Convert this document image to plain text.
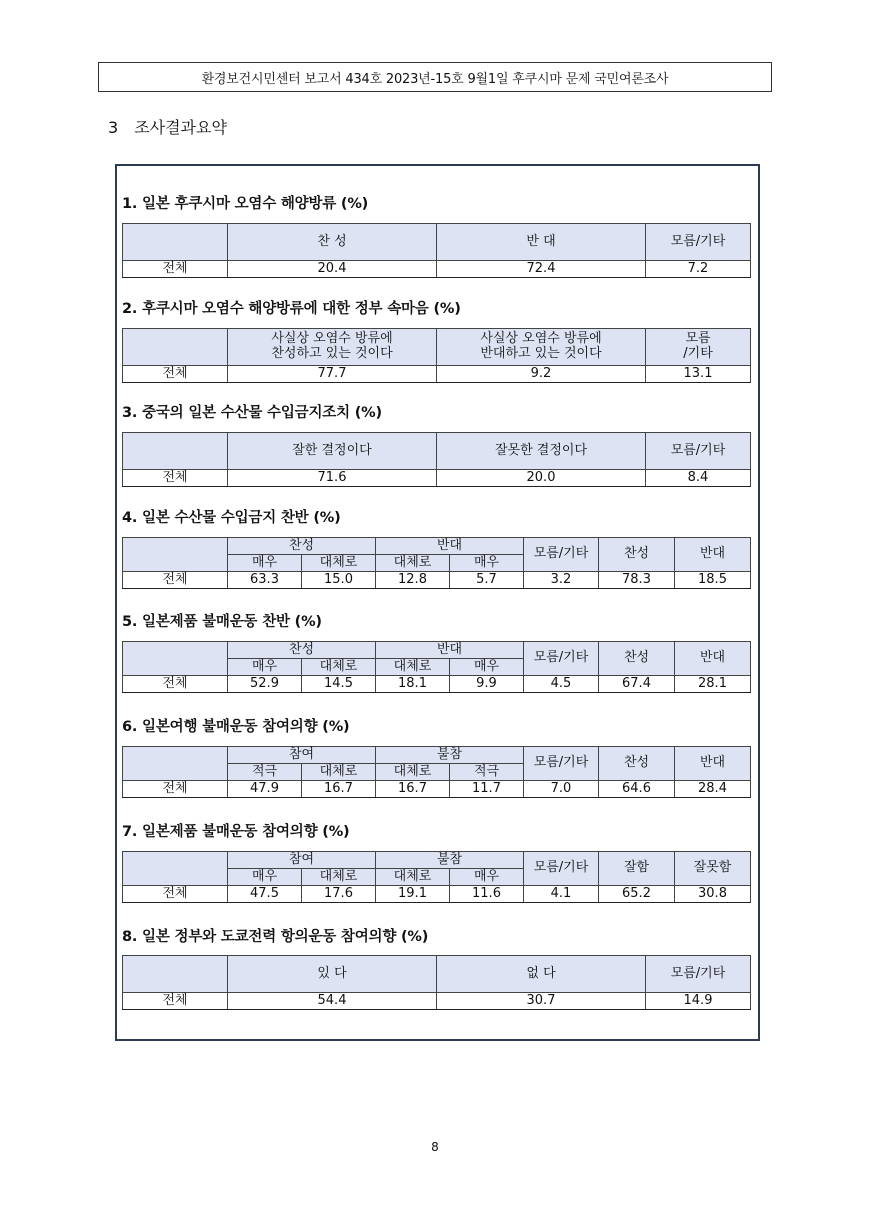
환경보건시민센터 보고서 434호 2023년-15호 9월1일 후쿠시마 문제 국민여론조사
3 조사결과요약
1. 일본 후쿠시마 오염수 해양방류 (%)
	찬 성	반 대	모름/기타
전체	20.4	72.4	7.2
2. 후쿠시마 오염수 해양방류에 대한 정부 속마음 (%)
	사실상 오염수 방류에
찬성하고 있는 것이다	사실상 오염수 방류에
반대하고 있는 것이다	모름
/기타
전체	77.7	9.2	13.1
3. 중국의 일본 수산물 수입금지조치 (%)
	잘한 결정이다	잘못한 결정이다	모름/기타
전체	71.6	20.0	8.4
4. 일본 수산물 수입금지 찬반 (%)
	찬성		반대		모름/기타	찬성	반대
	매우	대체로	대체로	매우			
전체	63.3	15.0	12.8	5.7	3.2	78.3	18.5
5. 일본제품 불매운동 찬반 (%)
	찬성		반대		모름/기타	찬성	반대
	매우	대체로	대체로	매우			
전체	52.9	14.5	18.1	9.9	4.5	67.4	28.1
6. 일본여행 불매운동 참여의향 (%)
	참여		불참		모름/기타	찬성	반대
	적극	대체로	대체로	적극			
전체	47.9	16.7	16.7	11.7	7.0	64.6	28.4
7. 일본제품 불매운동 참여의향 (%)
	참여		불참		모름/기타	잘함	잘못함
	매우	대체로	대체로	매우			
전체	47.5	17.6	19.1	11.6	4.1	65.2	30.8
8. 일본 정부와 도쿄전력 항의운동 참여의향 (%)
	있 다	없 다	모름/기타
전체	54.4	30.7	14.9
8
